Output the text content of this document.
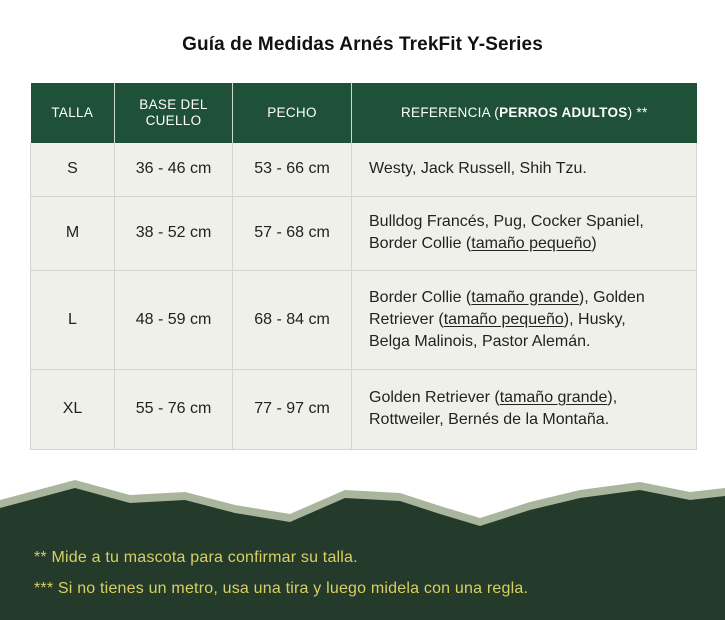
Guía de Medidas Arnés TrekFit Y-Series
TALLA	BASE DEL CUELLO	PECHO	REFERENCIA (PERROS ADULTOS) **
S	36 - 46 cm	53 - 66 cm	Westy, Jack Russell, Shih Tzu.
M	38 - 52 cm	57 - 68 cm	Bulldog Francés, Pug, Cocker Spaniel,
Border Collie (tamaño pequeño)
L	48 - 59 cm	68 - 84 cm	Border Collie (tamaño grande), Golden
Retriever (tamaño pequeño), Husky,
Belga Malinois, Pastor Alemán.
XL	55 - 76 cm	77 - 97 cm	Golden Retriever (tamaño grande),
Rottweiler, Bernés de la Montaña.
** Mide a tu mascota para confirmar su talla.
*** Si no tienes un metro, usa una tira y luego midela con una regla.
